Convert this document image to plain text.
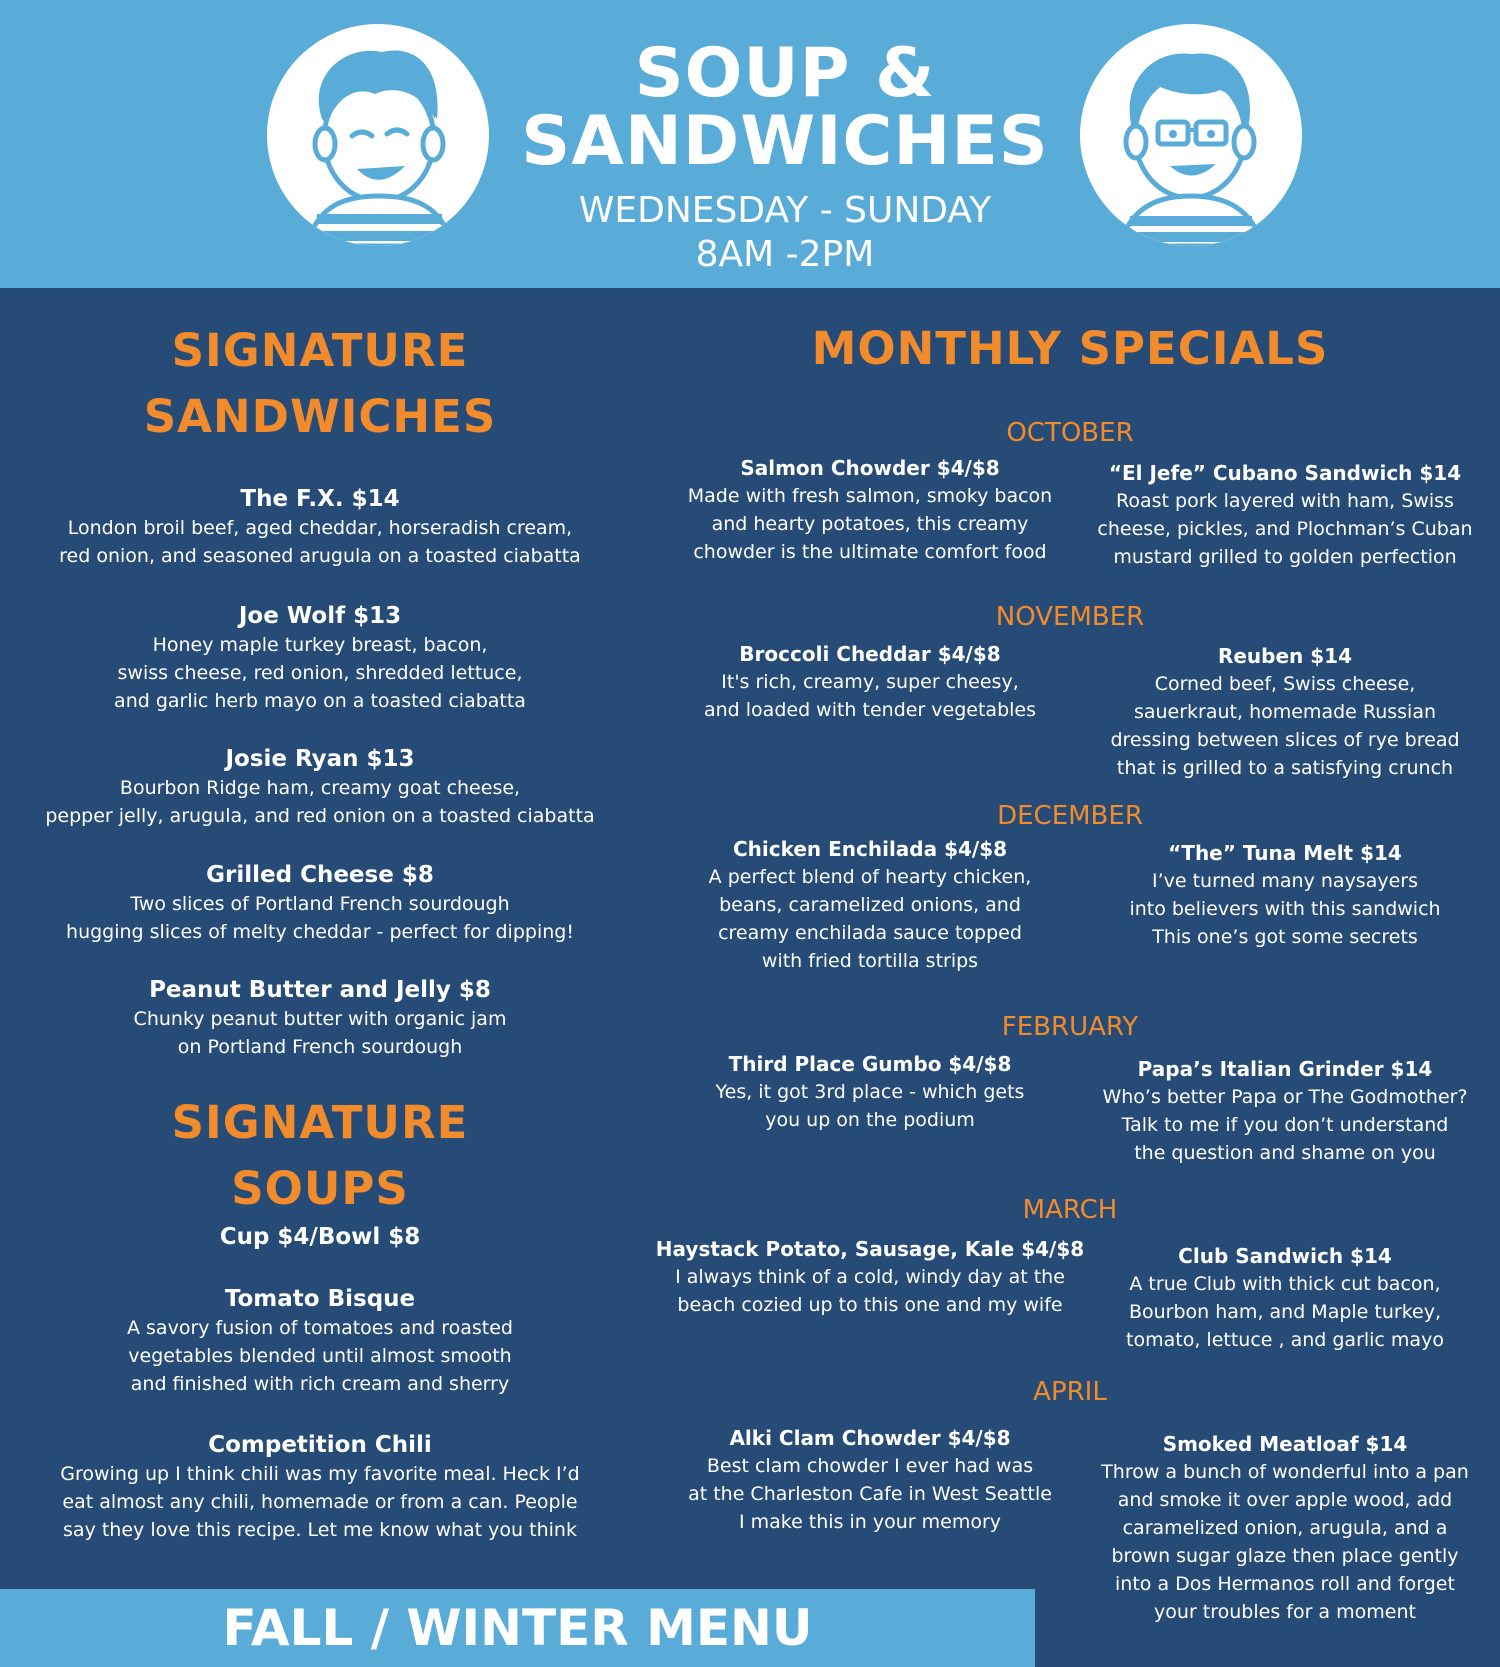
SOUP &
SANDWICHES
WEDNESDAY - SUNDAY
8AM -2PM
SIGNATURE
SANDWICHES
The F.X. $14
London broil beef, aged cheddar, horseradish cream,
red onion, and seasoned arugula on a toasted ciabatta
Joe Wolf $13
Honey maple turkey breast, bacon,
swiss cheese, red onion, shredded lettuce,
and garlic herb mayo on a toasted ciabatta
Josie Ryan $13
Bourbon Ridge ham, creamy goat cheese,
pepper jelly, arugula, and red onion on a toasted ciabatta
Grilled Cheese $8
Two slices of Portland French sourdough
hugging slices of melty cheddar - perfect for dipping!
Peanut Butter and Jelly $8
Chunky peanut butter with organic jam
on Portland French sourdough
SIGNATURE
SOUPS
Cup $4/Bowl $8
Tomato Bisque
A savory fusion of tomatoes and roasted
vegetables blended until almost smooth
and finished with rich cream and sherry
Competition Chili
Growing up I think chili was my favorite meal. Heck I’d
eat almost any chili, homemade or from a can. People
say they love this recipe. Let me know what you think
MONTHLY SPECIALS
OCTOBER
Salmon Chowder $4/$8
Made with fresh salmon, smoky bacon
and hearty potatoes, this creamy
chowder is the ultimate comfort food
“El Jefe” Cubano Sandwich $14
Roast pork layered with ham, Swiss
cheese, pickles, and Plochman’s Cuban
mustard grilled to golden perfection
NOVEMBER
Broccoli Cheddar $4/$8
It's rich, creamy, super cheesy,
and loaded with tender vegetables
Reuben $14
Corned beef, Swiss cheese,
sauerkraut, homemade Russian
dressing between slices of rye bread
that is grilled to a satisfying crunch
DECEMBER
Chicken Enchilada $4/$8
A perfect blend of hearty chicken,
beans, caramelized onions, and
creamy enchilada sauce topped
with fried tortilla strips
“The” Tuna Melt $14
I’ve turned many naysayers
into believers with this sandwich
This one’s got some secrets
FEBRUARY
Third Place Gumbo $4/$8
Yes, it got 3rd place - which gets
you up on the podium
Papa’s Italian Grinder $14
Who’s better Papa or The Godmother?
Talk to me if you don’t understand
the question and shame on you
MARCH
Haystack Potato, Sausage, Kale $4/$8
I always think of a cold, windy day at the
beach cozied up to this one and my wife
Club Sandwich $14
A true Club with thick cut bacon,
Bourbon ham, and Maple turkey,
tomato, lettuce , and garlic mayo
APRIL
Alki Clam Chowder $4/$8
Best clam chowder I ever had was
at the Charleston Cafe in West Seattle
I make this in your memory
Smoked Meatloaf $14
Throw a bunch of wonderful into a pan
and smoke it over apple wood, add
caramelized onion, arugula, and a
brown sugar glaze then place gently
into a Dos Hermanos roll and forget
your troubles for a moment
FALL / WINTER MENU
